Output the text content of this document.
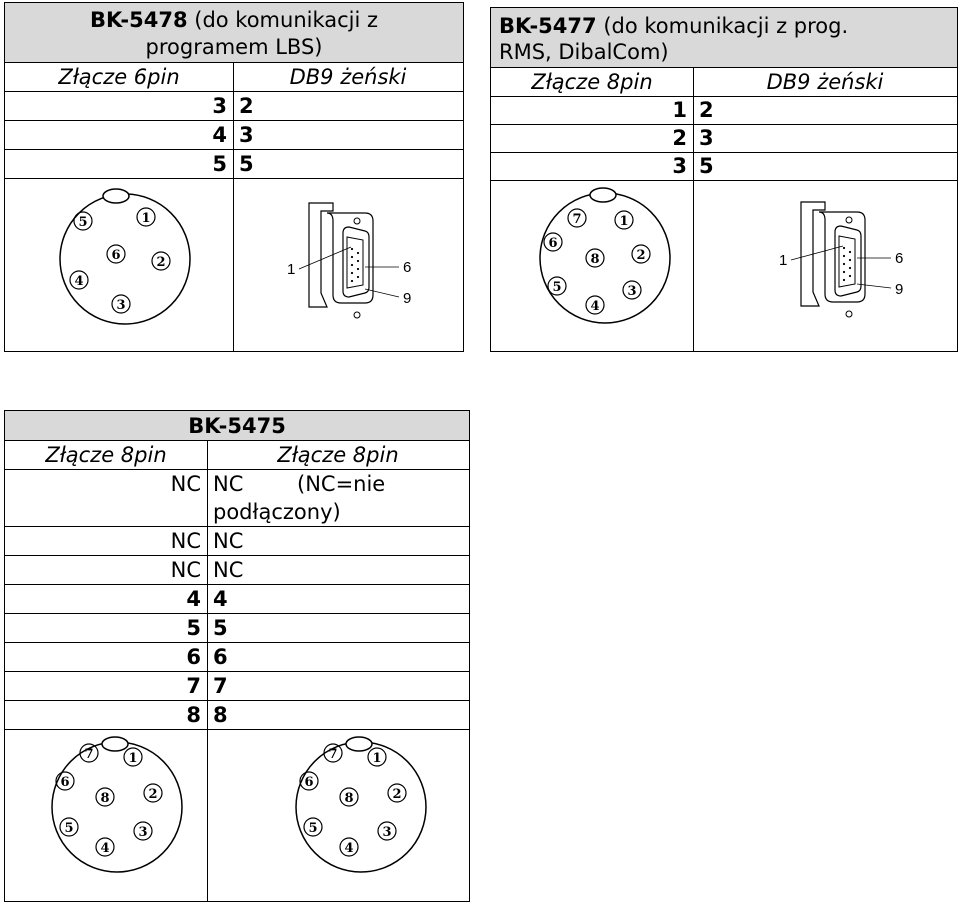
BK-5478 (do komunikacji z
programem LBS)
Złącze 6pin	DB9 żeński
3 2
4 3
5 5
5	1
6	2
4
3
1	6
9
BK-5477 (do komunikacji z prog.
RMS, DibalCom)
Złącze 8pin	DB9 żeński
1 2
2 3
3 5
7	1
6
8	2
5	3
4
1	6
9
BK-5475
Złącze 8pin	Złącze 8pin
NC NC	(NC=nie
podłączony)
NC NC
NC NC
4 4
5 5
6 6
7 7
8 8
7	1
6
8	2
5	3
4
7	1
6
8	2
5	3
4
